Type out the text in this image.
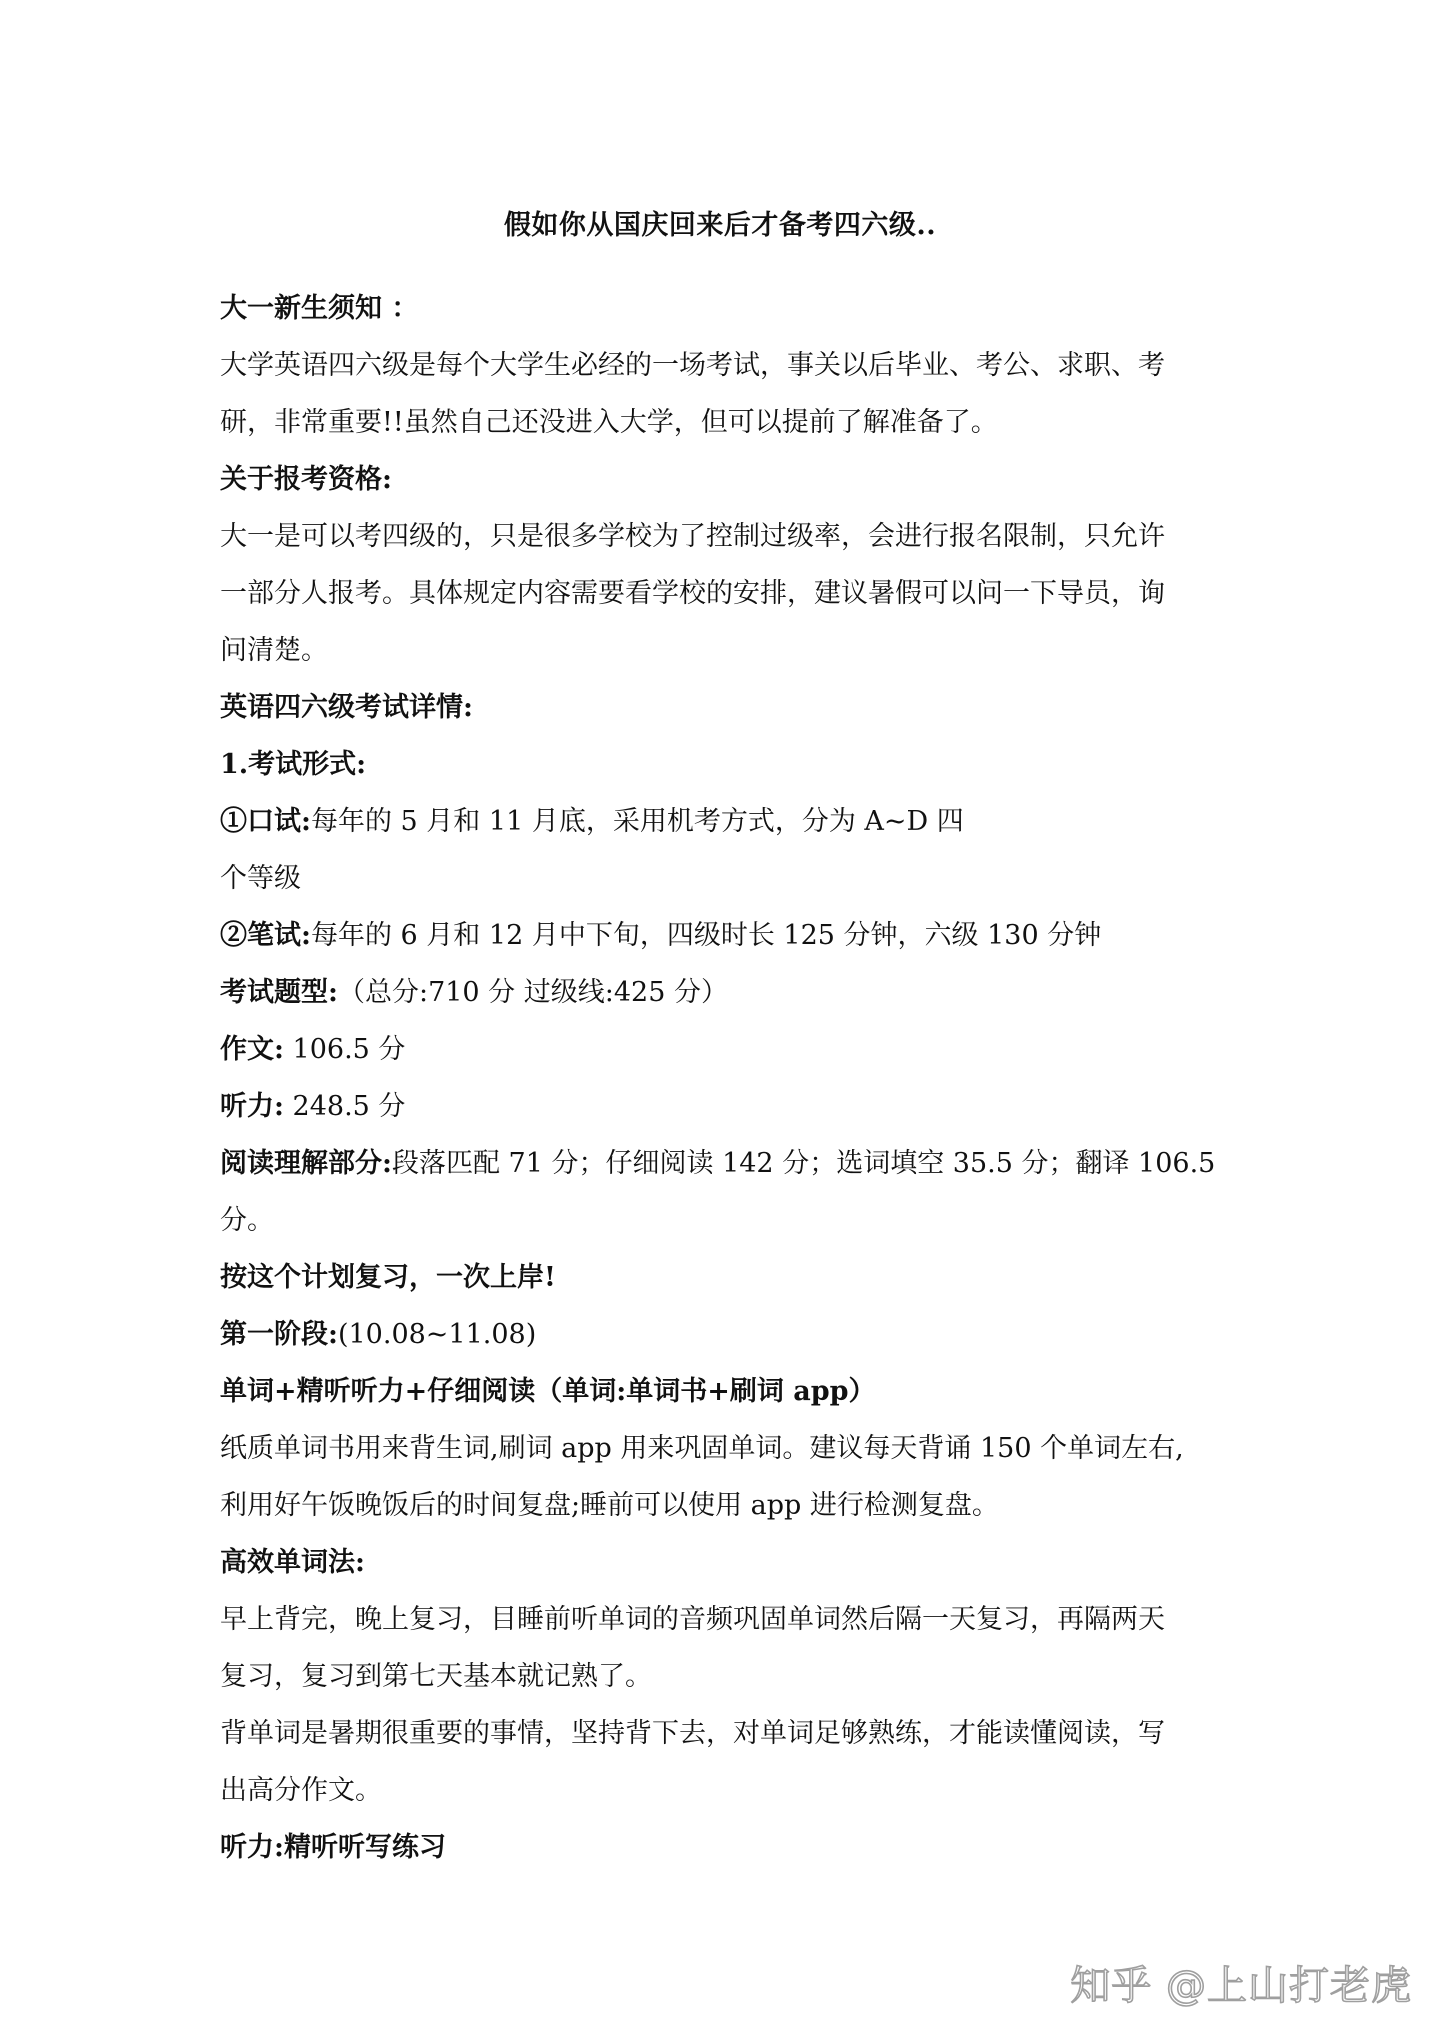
假如你从国庆回来后才备考四六级..
大一新生须知 ：
大学英语四六级是每个大学生必经的一场考试，事关以后毕业、考公、求职、考
研，非常重要!!虽然自己还没进入大学，但可以提前了解准备了。
关于报考资格:
大一是可以考四级的，只是很多学校为了控制过级率，会进行报名限制，只允许
一部分人报考。具体规定内容需要看学校的安排，建议暑假可以问一下导员，询
问清楚。
英语四六级考试详情:
1.考试形式:
①口试:每年的 5 月和 11 月底，采用机考方式，分为 A~D 四
个等级
②笔试:每年的 6 月和 12 月中下旬，四级时长 125 分钟，六级 130 分钟
考试题型:（总分:710 分 过级线:425 分）
作文: 106.5 分
听力: 248.5 分
阅读理解部分:段落匹配 71 分；仔细阅读 142 分；选词填空 35.5 分；翻译 106.5
分。
按这个计划复习，一次上岸!
第一阶段:(10.08~11.08)
单词+精听听力+仔细阅读（单词:单词书+刷词 app）
纸质单词书用来背生词,刷词 app 用来巩固单词。建议每天背诵 150 个单词左右,
利用好午饭晚饭后的时间复盘;睡前可以使用 app 进行检测复盘。
高效单词法:
早上背完，晚上复习，目睡前听单词的音频巩固单词然后隔一天复习，再隔两天
复习，复习到第七天基本就记熟了。
背单词是暑期很重要的事情，坚持背下去，对单词足够熟练，才能读懂阅读，写
出高分作文。
听力:精听听写练习
知乎 @上山打老虎
